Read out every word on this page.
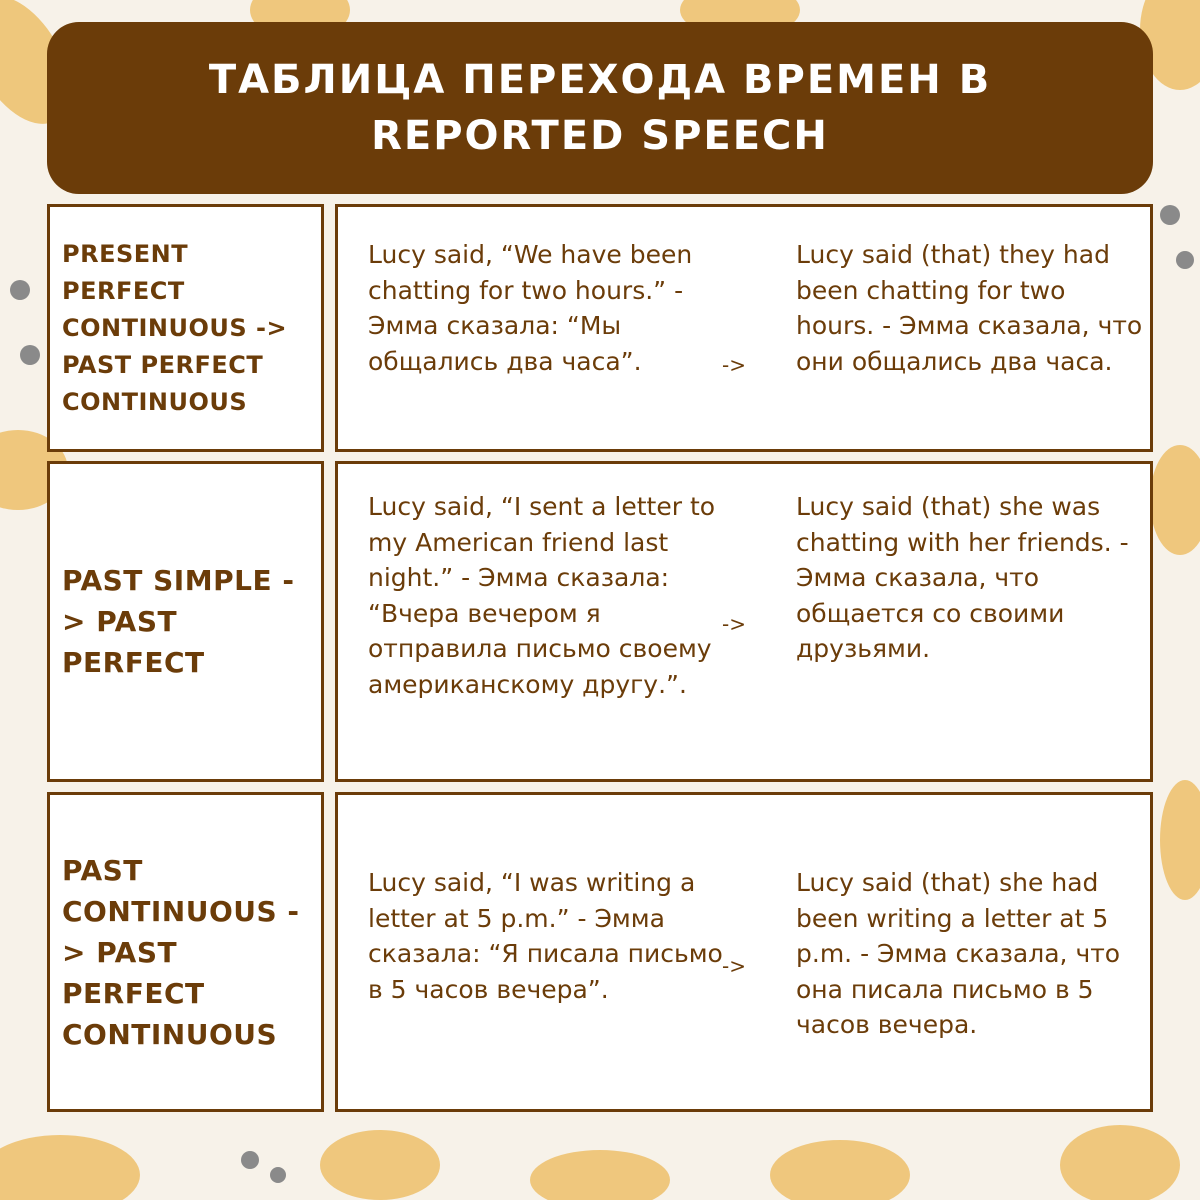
ТАБЛИЦА ПЕРЕХОДА ВРЕМЕН В REPORTED SPEECH
PRESENT PERFECT CONTINUOUS -> PAST PERFECT CONTINUOUS
Lucy said, “We have been chatting for two hours.” - Эмма сказала: “Мы общались два часа”.	->
Lucy said (that) they had been chatting for two hours. - Эмма сказала, что они общались два часа.
PAST SIMPLE -> PAST PERFECT
Lucy said, “I sent a letter to my American friend last night.” - Эмма сказала: “Вчера вечером я отправила письмо своему американскому другу.”.
->
Lucy said (that) she was chatting with her friends. - Эмма сказала, что общается со своими друзьями.
PAST CONTINUOUS -> PAST PERFECT CONTINUOUS
Lucy said, “I was writing a letter at 5 p.m.” - Эмма сказала: “Я писала письмо в 5 часов вечера”.
->
Lucy said (that) she had been writing a letter at 5 p.m. - Эмма сказала, что она писала письмо в 5 часов вечера.
